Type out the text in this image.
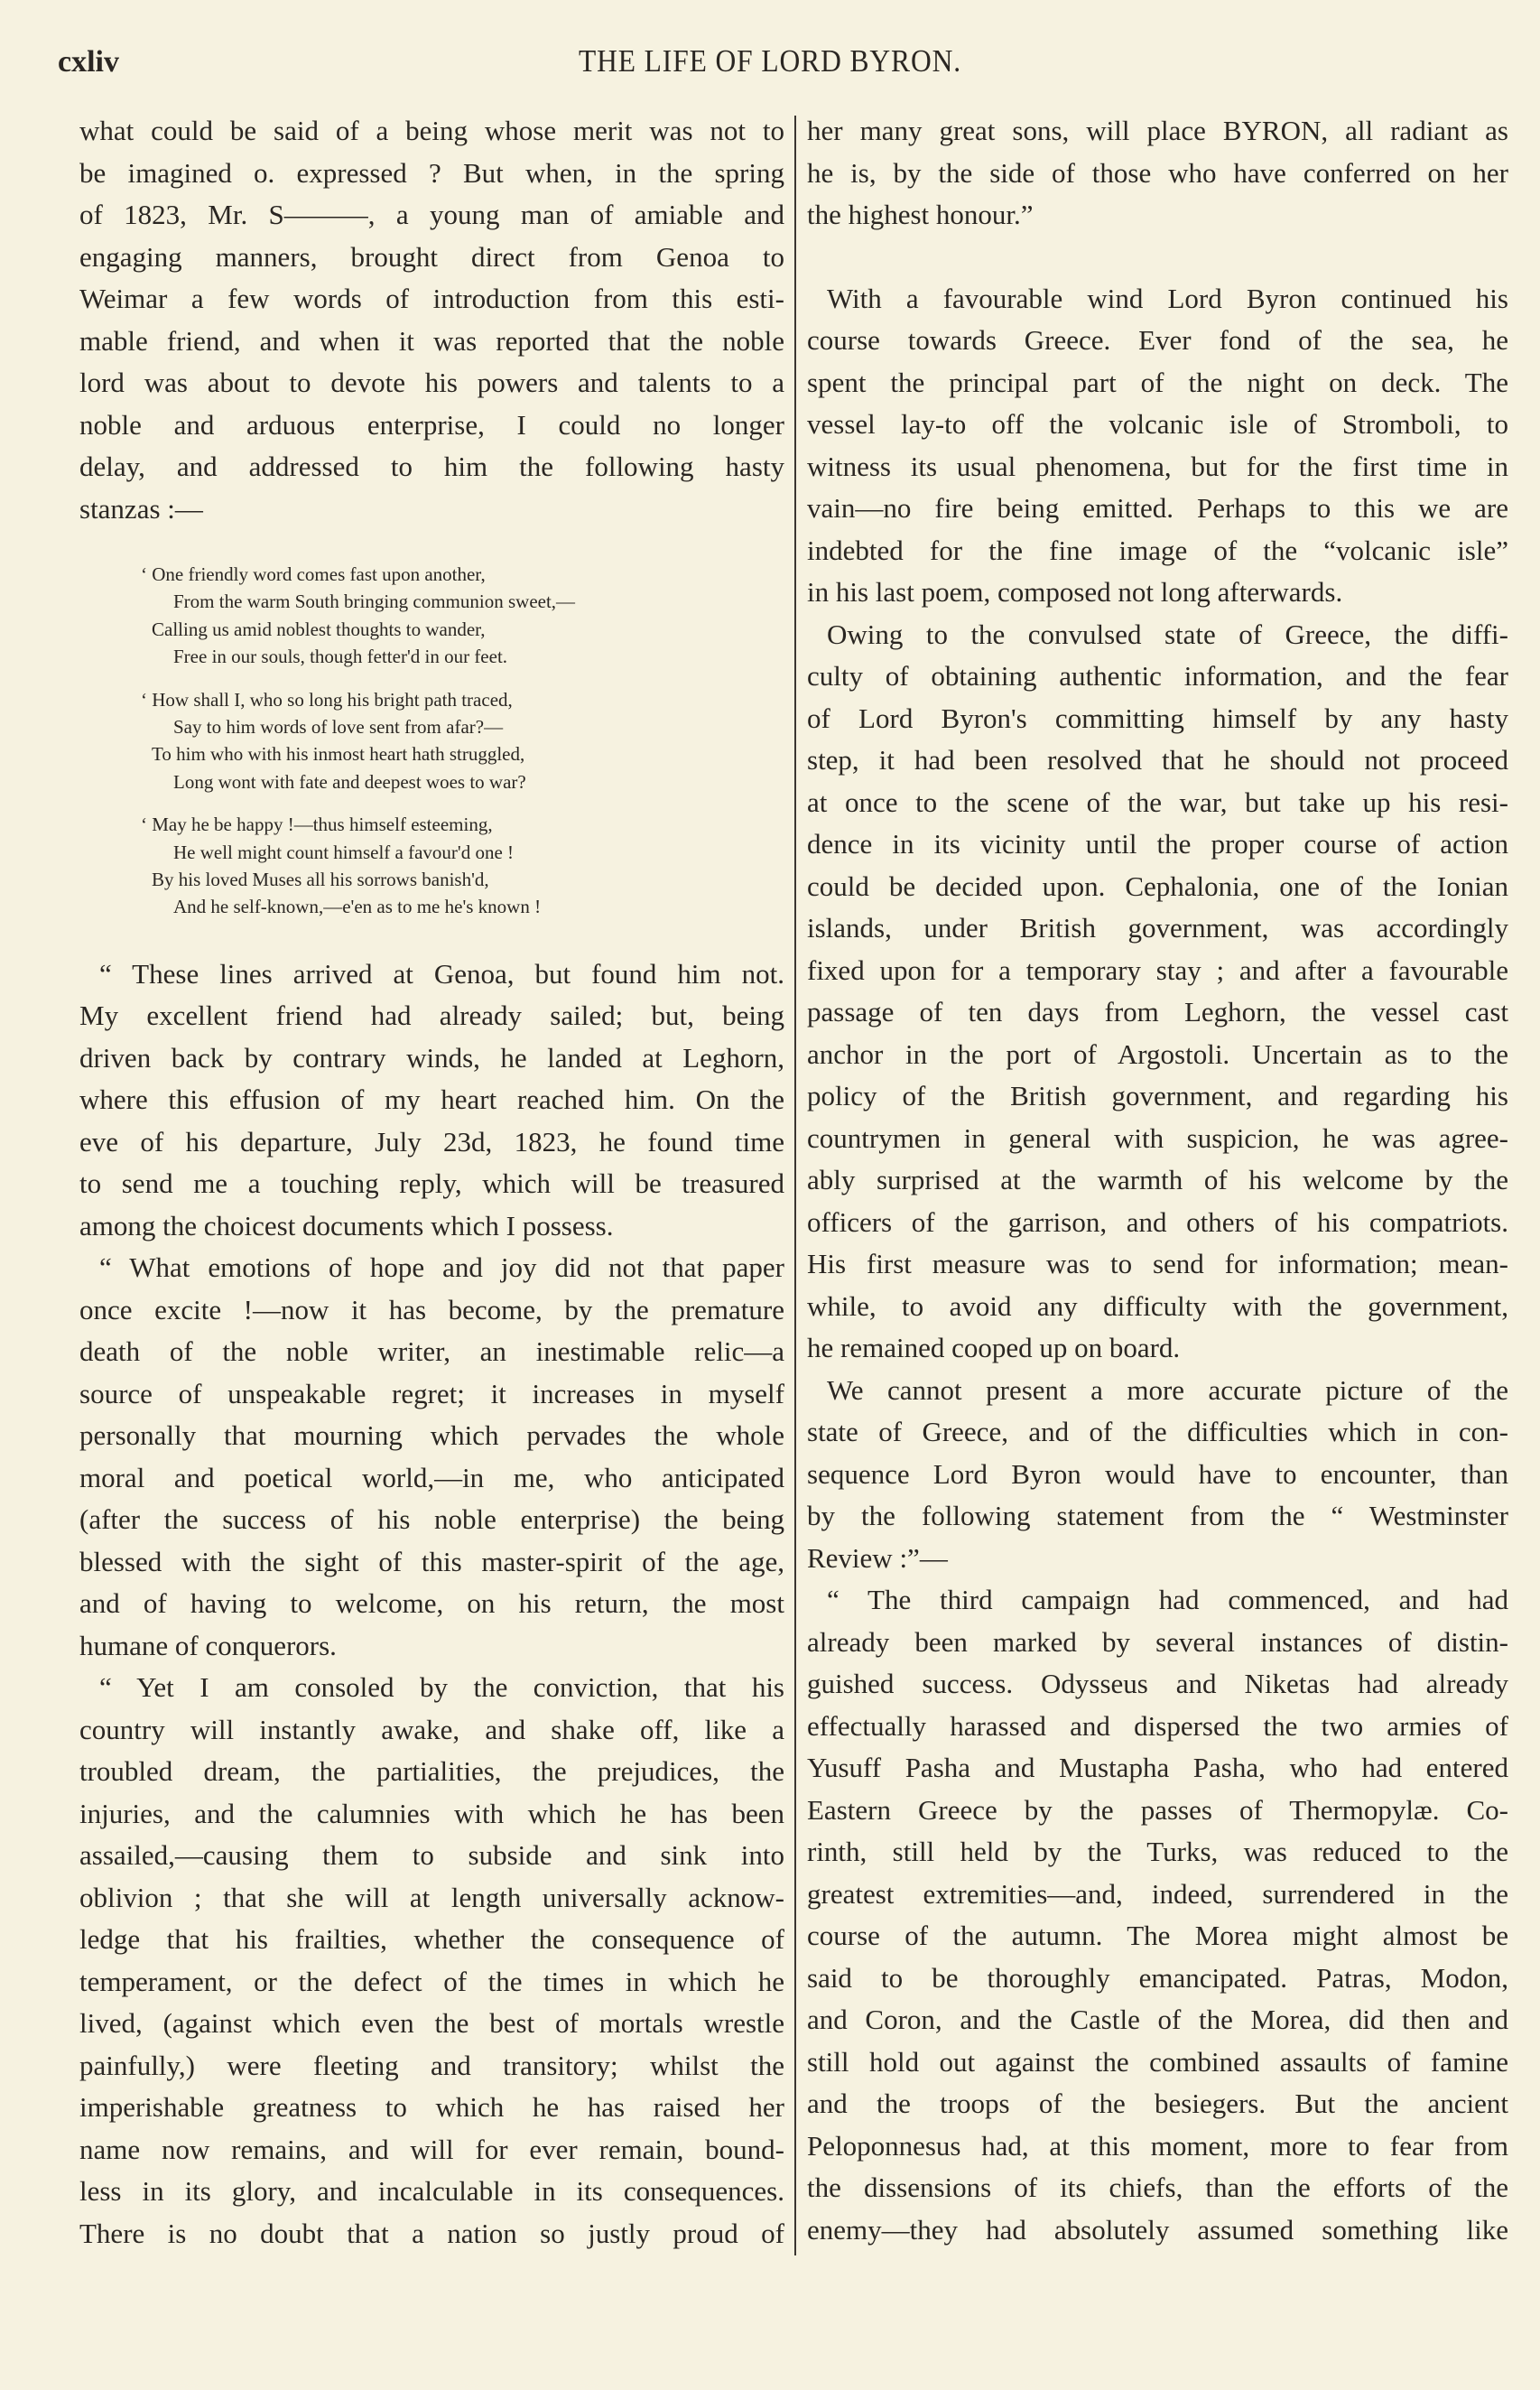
cxliv	THE LIFE OF LORD BYRON.
what could be said of a being whose merit was not to
be imagined o. expressed ? But when, in the spring
of 1823, Mr. S———, a young man of amiable and
engaging manners, brought direct from Genoa to
Weimar a few words of introduction from this esti-
mable friend, and when it was reported that the noble
lord was about to devote his powers and talents to a
noble and arduous enterprise, I could no longer
delay, and addressed to him the following hasty
stanzas :—
‘ One friendly word comes fast upon another,
From the warm South bringing communion sweet,—
Calling us amid noblest thoughts to wander,
Free in our souls, though fetter'd in our feet.
‘ How shall I, who so long his bright path traced,
Say to him words of love sent from afar?—
To him who with his inmost heart hath struggled,
Long wont with fate and deepest woes to war?
‘ May he be happy !—thus himself esteeming,
He well might count himself a favour'd one !
By his loved Muses all his sorrows banish'd,
And he self-known,—e'en as to me he's known !
“ These lines arrived at Genoa, but found him not.
My excellent friend had already sailed; but, being
driven back by contrary winds, he landed at Leghorn,
where this effusion of my heart reached him. On the
eve of his departure, July 23d, 1823, he found time
to send me a touching reply, which will be treasured
among the choicest documents which I possess.
“ What emotions of hope and joy did not that paper
once excite !—now it has become, by the premature
death of the noble writer, an inestimable relic—a
source of unspeakable regret; it increases in myself
personally that mourning which pervades the whole
moral and poetical world,—in me, who anticipated
(after the success of his noble enterprise) the being
blessed with the sight of this master-spirit of the age,
and of having to welcome, on his return, the most
humane of conquerors.
“ Yet I am consoled by the conviction, that his
country will instantly awake, and shake off, like a
troubled dream, the partialities, the prejudices, the
injuries, and the calumnies with which he has been
assailed,—causing them to subside and sink into
oblivion ; that she will at length universally acknow-
ledge that his frailties, whether the consequence of
temperament, or the defect of the times in which he
lived, (against which even the best of mortals wrestle
painfully,) were fleeting and transitory; whilst the
imperishable greatness to which he has raised her
name now remains, and will for ever remain, bound-
less in its glory, and incalculable in its consequences.
There is no doubt that a nation so justly proud of
her many great sons, will place BYRON, all radiant as
he is, by the side of those who have conferred on her
the highest honour.”
With a favourable wind Lord Byron continued his
course towards Greece. Ever fond of the sea, he
spent the principal part of the night on deck. The
vessel lay-to off the volcanic isle of Stromboli, to
witness its usual phenomena, but for the first time in
vain—no fire being emitted. Perhaps to this we are
indebted for the fine image of the “volcanic isle”
in his last poem, composed not long afterwards.
Owing to the convulsed state of Greece, the diffi-
culty of obtaining authentic information, and the fear
of Lord Byron's committing himself by any hasty
step, it had been resolved that he should not proceed
at once to the scene of the war, but take up his resi-
dence in its vicinity until the proper course of action
could be decided upon. Cephalonia, one of the Ionian
islands, under British government, was accordingly
fixed upon for a temporary stay ; and after a favourable
passage of ten days from Leghorn, the vessel cast
anchor in the port of Argostoli. Uncertain as to the
policy of the British government, and regarding his
countrymen in general with suspicion, he was agree-
ably surprised at the warmth of his welcome by the
officers of the garrison, and others of his compatriots.
His first measure was to send for information; mean-
while, to avoid any difficulty with the government,
he remained cooped up on board.
We cannot present a more accurate picture of the
state of Greece, and of the difficulties which in con-
sequence Lord Byron would have to encounter, than
by the following statement from the “ Westminster
Review :”—
“ The third campaign had commenced, and had
already been marked by several instances of distin-
guished success. Odysseus and Niketas had already
effectually harassed and dispersed the two armies of
Yusuff Pasha and Mustapha Pasha, who had entered
Eastern Greece by the passes of Thermopylæ. Co-
rinth, still held by the Turks, was reduced to the
greatest extremities—and, indeed, surrendered in the
course of the autumn. The Morea might almost be
said to be thoroughly emancipated. Patras, Modon,
and Coron, and the Castle of the Morea, did then and
still hold out against the combined assaults of famine
and the troops of the besiegers. But the ancient
Peloponnesus had, at this moment, more to fear from
the dissensions of its chiefs, than the efforts of the
enemy—they had absolutely assumed something like
